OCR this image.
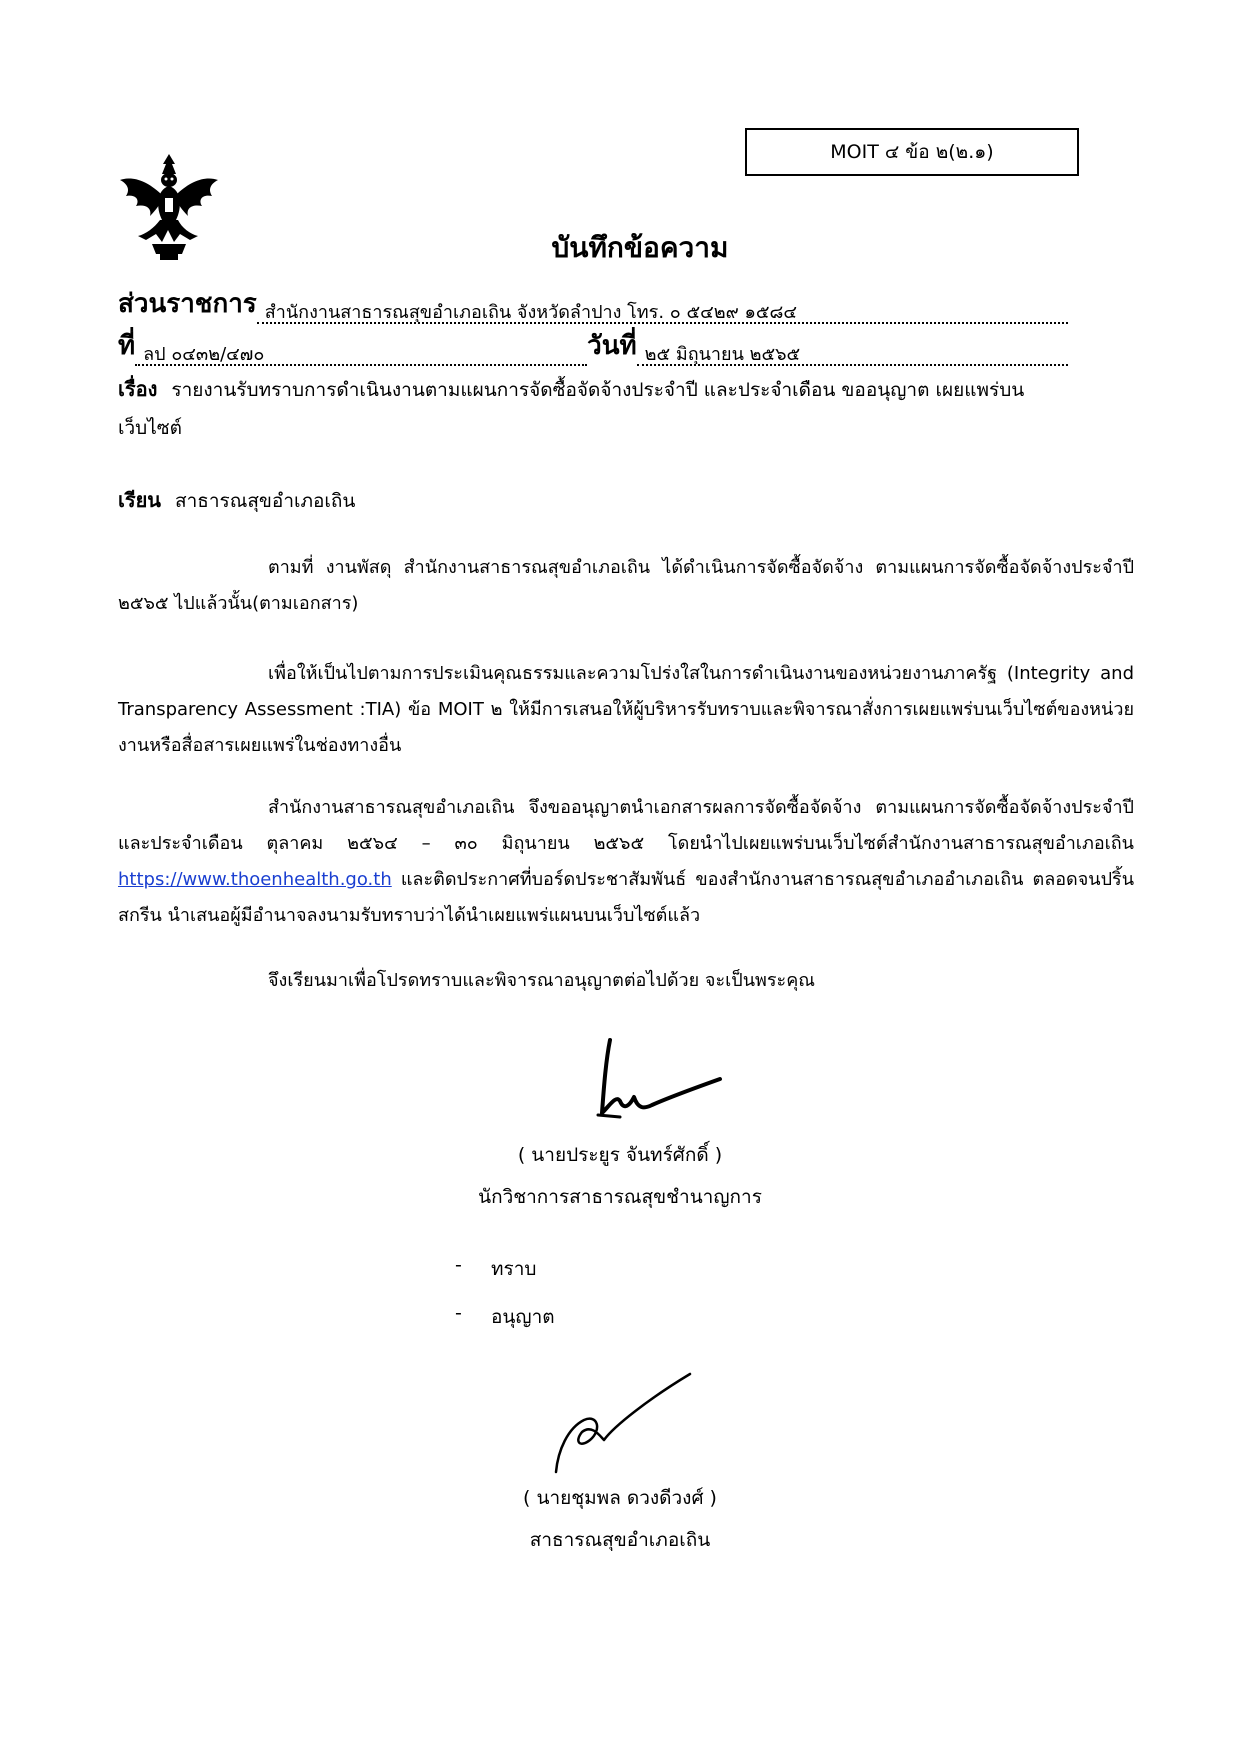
MOIT ๔ ข้อ ๒(๒.๑)
บันทึกข้อความ
ส่วนราชการ สำนักงานสาธารณสุขอำเภอเถิน จังหวัดลำปาง โทร. ๐ ๕๔๒๙ ๑๕๘๔
ที่ ลป ๐๔๓๒/๔๗๐	วันที่ ๒๕ มิถุนายน ๒๕๖๕
เรื่อง รายงานรับทราบการดำเนินงานตามแผนการจัดซื้อจัดจ้างประจำปี และประจำเดือน ขออนุญาต เผยแพร่บนเว็บไซต์
เรียน สาธารณสุขอำเภอเถิน
ตามที่ งานพัสดุ สำนักงานสาธารณสุขอำเภอเถิน ได้ดำเนินการจัดซื้อจัดจ้าง ตามแผนการจัดซื้อจัดจ้างประจำปี ๒๕๖๕ ไปแล้วนั้น(ตามเอกสาร)
เพื่อให้เป็นไปตามการประเมินคุณธรรมและความโปร่งใสในการดำเนินงานของหน่วยงานภาครัฐ (Integrity and Transparency Assessment :TIA) ข้อ MOIT ๒ ให้มีการเสนอให้ผู้บริหารรับทราบและพิจารณาสั่งการเผยแพร่บนเว็บไซต์ของหน่วยงานหรือสื่อสารเผยแพร่ในช่องทางอื่น
สำนักงานสาธารณสุขอำเภอเถิน จึงขออนุญาตนำเอกสารผลการจัดซื้อจัดจ้าง ตามแผนการจัดซื้อจัดจ้างประจำปี และประจำเดือน ตุลาคม ๒๕๖๔ – ๓๐ มิถุนายน ๒๕๖๕ โดยนำไปเผยแพร่บนเว็บไซต์สำนักงานสาธารณสุขอำเภอเถิน https://www.thoenhealth.go.th และติดประกาศที่บอร์ดประชาสัมพันธ์ ของสำนักงานสาธารณสุขอำเภออำเภอเถิน ตลอดจนปริ้นสกรีน นำเสนอผู้มีอำนาจลงนามรับทราบว่าได้นำเผยแพร่แผนบนเว็บไซต์แล้ว
จึงเรียนมาเพื่อโปรดทราบและพิจารณาอนุญาตต่อไปด้วย จะเป็นพระคุณ
( นายประยูร จันทร์ศักดิ์ )
นักวิชาการสาธารณสุขชำนาญการ
-	ทราบ
-	อนุญาต
( นายชุมพล ดวงดีวงศ์ )
สาธารณสุขอำเภอเถิน
